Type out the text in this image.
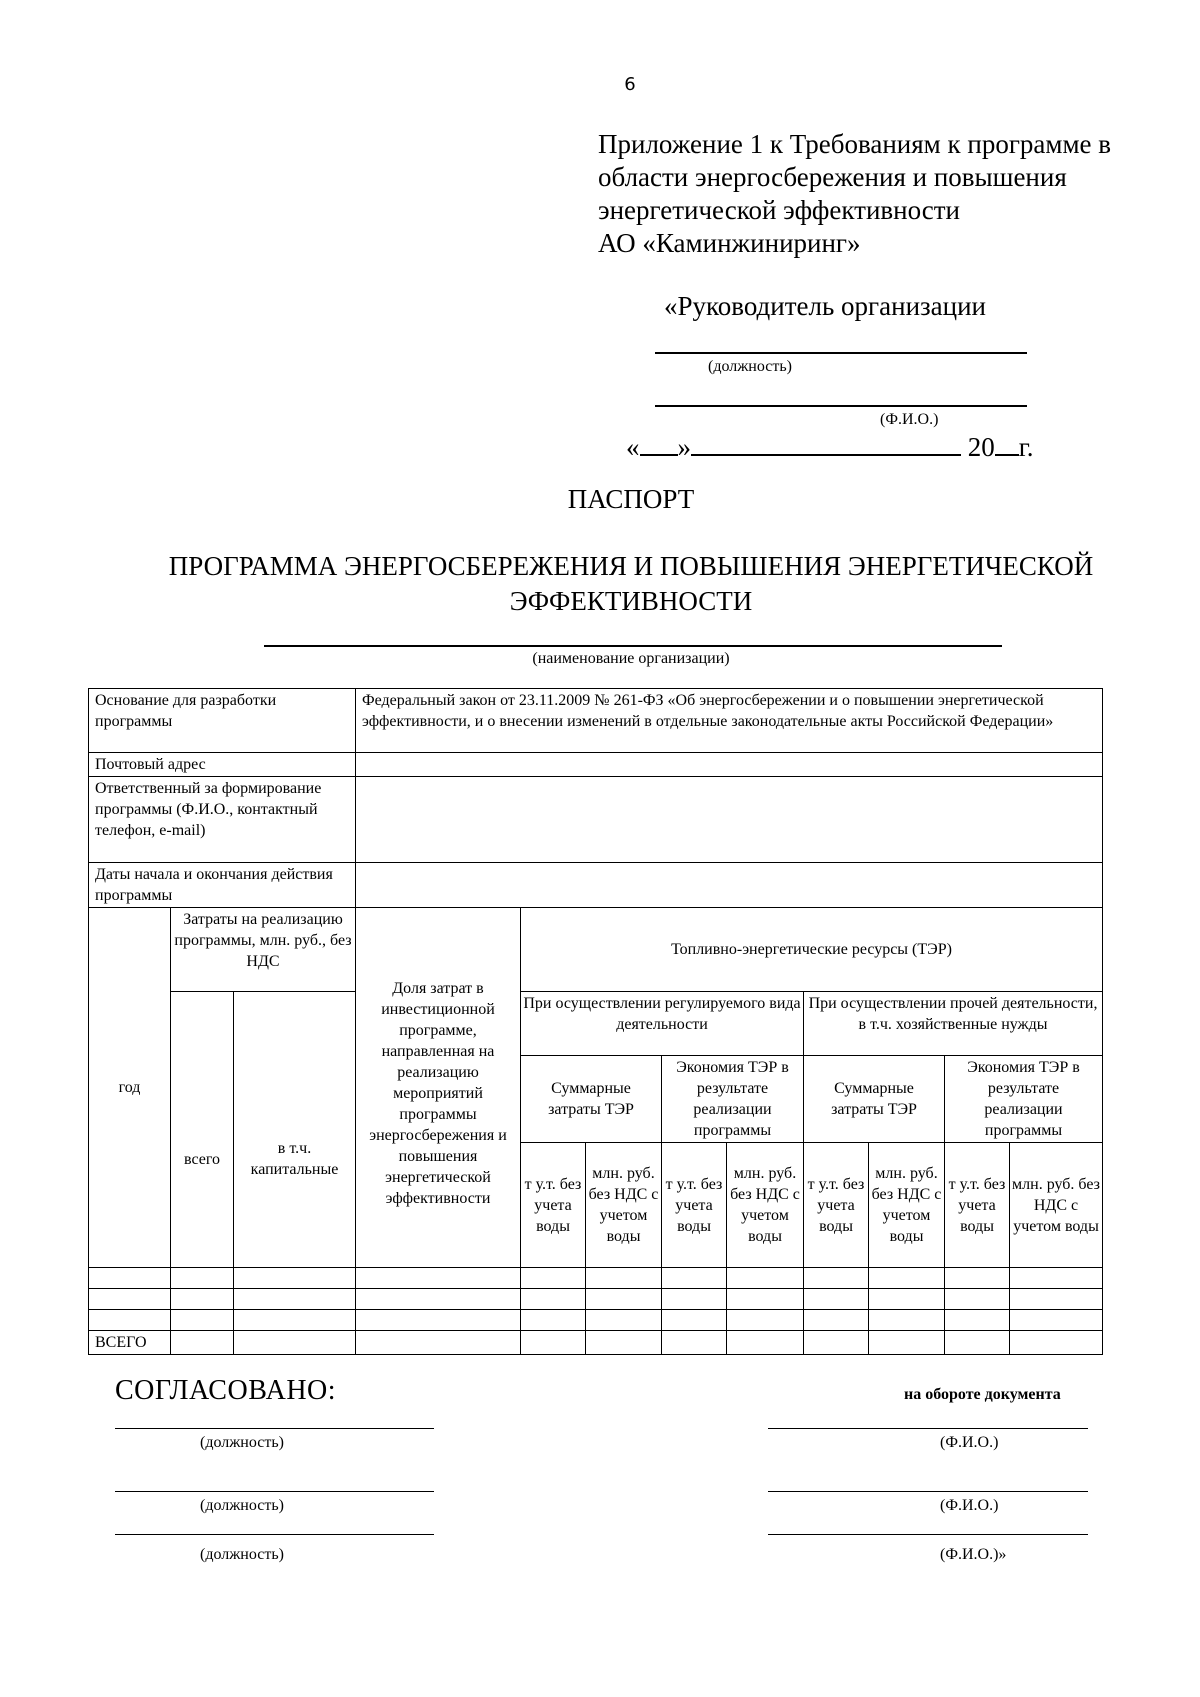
6
Приложение 1 к Требованиям к программе в
области энергосбережения и повышения
энергетической эффективности
АО «Каминжиниринг»
«Руководитель организации
(должность)
(Ф.И.О.)
« »	20 г.
ПАСПОРТ
ПРОГРАММА ЭНЕРГОСБЕРЕЖЕНИЯ И ПОВЫШЕНИЯ ЭНЕРГЕТИЧЕСКОЙ
ЭФФЕКТИВНОСТИ
(наименование организации)
Основание для разработки программы			Федеральный закон от 23.11.2009 № 261-ФЗ «Об энергосбережении и о повышении энергетической эффективности, и о внесении изменений в отдельные законодательные акты Российской Федерации»								
Почтовый адрес											
Ответственный за формирование программы (Ф.И.О., контактный телефон, e-mail)											
Даты начала и окончания действия программы											
год	Затраты на реализацию программы, млн. руб., без НДС		Доля затрат в инвестиционной программе, направленная на реализацию мероприятий программы энергосбережения и повышения энергетической эффективности	Топливно-энергетические ресурсы (ТЭР)							
	всего	в т.ч. капитальные		При осуществлении регулируемого вида деятельности				При осуществлении прочей деятельности, в т.ч. хозяйственные нужды			
				Суммарные затраты ТЭР		Экономия ТЭР в результате реализации программы		Суммарные затраты ТЭР		Экономия ТЭР в результате реализации программы	
				т у.т. без учета воды	млн. руб. без НДС с учетом воды	т у.т. без учета воды	млн. руб. без НДС с учетом воды	т у.т. без учета воды	млн. руб. без НДС с учетом воды	т у.т. без учета воды	млн. руб. без НДС с учетом воды

ВСЕГО											
СОГЛАСОВАНО:	на обороте документа
(должность)	(Ф.И.О.)
(должность)	(Ф.И.О.)
(должность)	(Ф.И.О.)»
